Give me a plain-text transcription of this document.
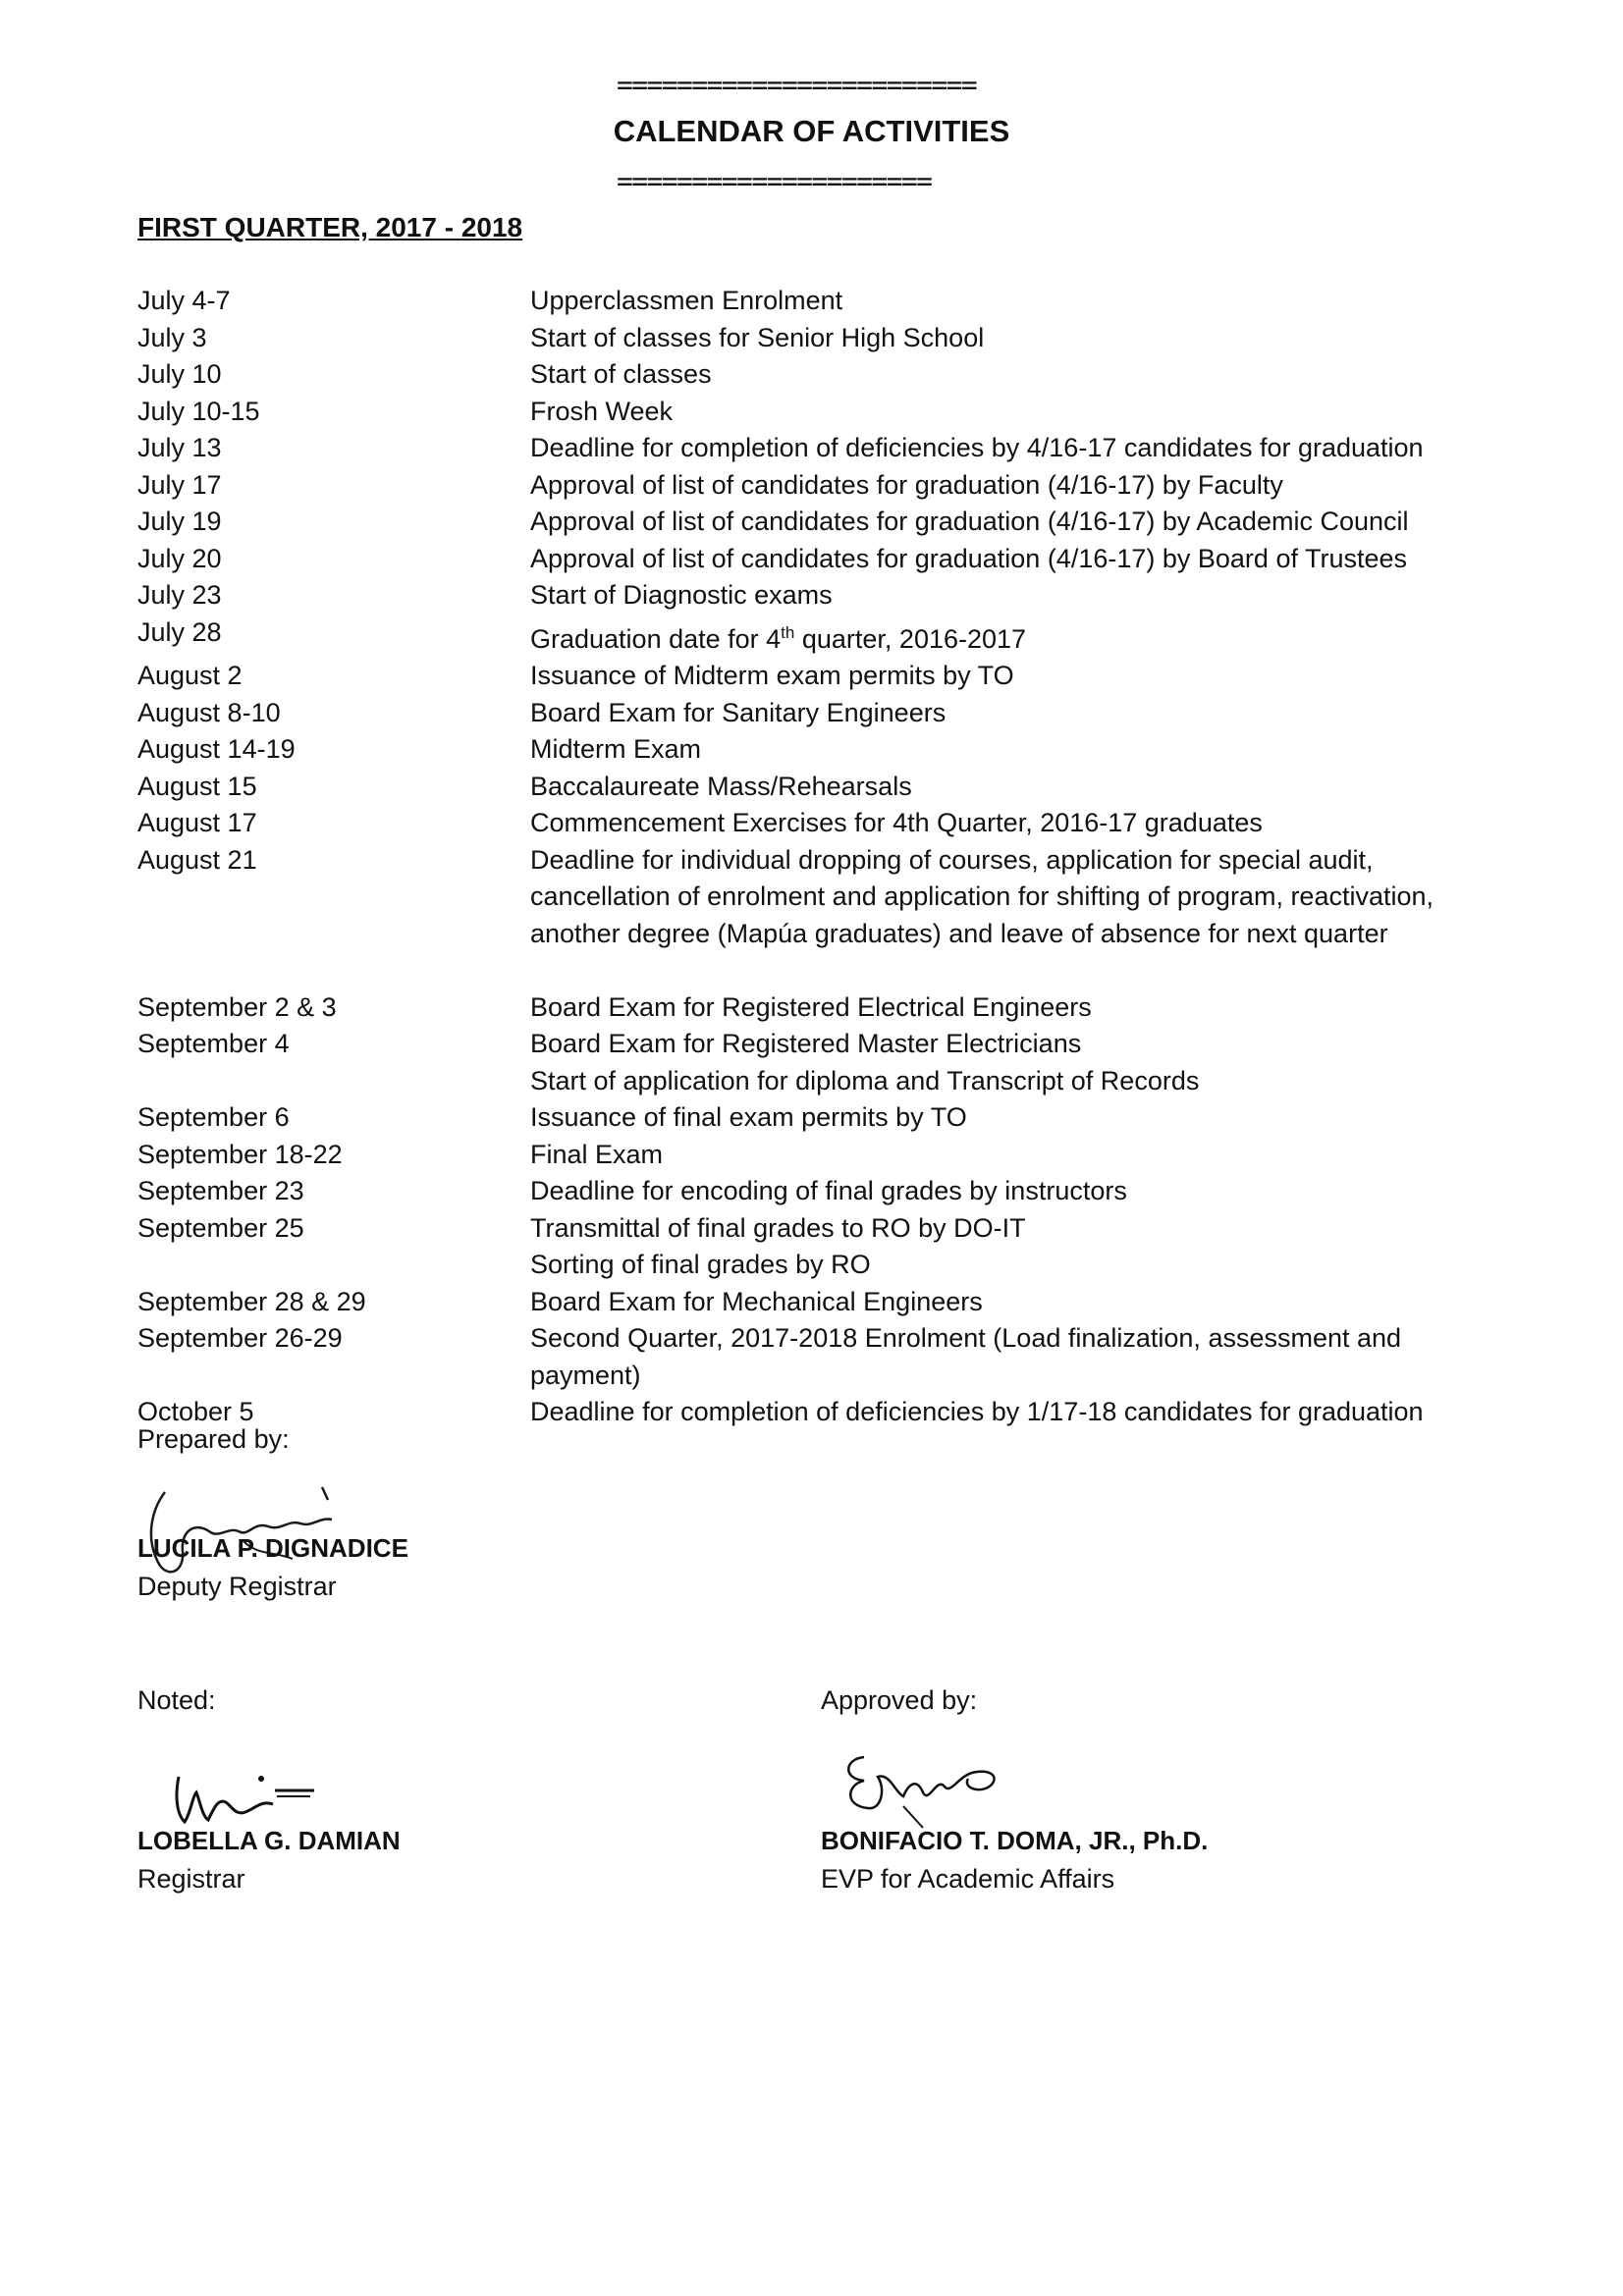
========================
CALENDAR OF ACTIVITIES
=====================
FIRST QUARTER, 2017 - 2018
July 4-7	Upperclassmen Enrolment
July 3	Start of classes for Senior High School
July 10	Start of classes
July 10-15	Frosh Week
July 13	Deadline for completion of deficiencies by 4/16-17 candidates for graduation
July 17	Approval of list of candidates for graduation (4/16-17) by Faculty
July 19	Approval of list of candidates for graduation (4/16-17) by Academic Council
July 20	Approval of list of candidates for graduation (4/16-17) by Board of Trustees
July 23	Start of Diagnostic exams
July 28	Graduation date for 4th quarter, 2016-2017
August 2	Issuance of Midterm exam permits by TO
August 8-10	Board Exam for Sanitary Engineers
August 14-19	Midterm Exam
August 15	Baccalaureate Mass/Rehearsals
August 17	Commencement Exercises for 4th Quarter, 2016-17 graduates
August 21	Deadline for individual dropping of courses, application for special audit,
cancellation of enrolment and application for shifting of program, reactivation,
another degree (Mapúa graduates) and leave of absence for next quarter
September 2 & 3	Board Exam for Registered Electrical Engineers
September 4	Board Exam for Registered Master Electricians
Start of application for diploma and Transcript of Records
September 6	Issuance of final exam permits by TO
September 18-22	Final Exam
September 23	Deadline for encoding of final grades by instructors
September 25	Transmittal of final grades to RO by DO-IT
Sorting of final grades by RO
September 28 & 29	Board Exam for Mechanical Engineers
September 26-29	Second Quarter, 2017-2018 Enrolment (Load finalization, assessment and
payment)
October 5	Deadline for completion of deficiencies by 1/17-18 candidates for graduation
Prepared by:
LUCILA P. DIGNADICE
Deputy Registrar
Noted:
LOBELLA G. DAMIAN
Registrar
Approved by:
BONIFACIO T. DOMA, JR., Ph.D.
EVP for Academic Affairs
